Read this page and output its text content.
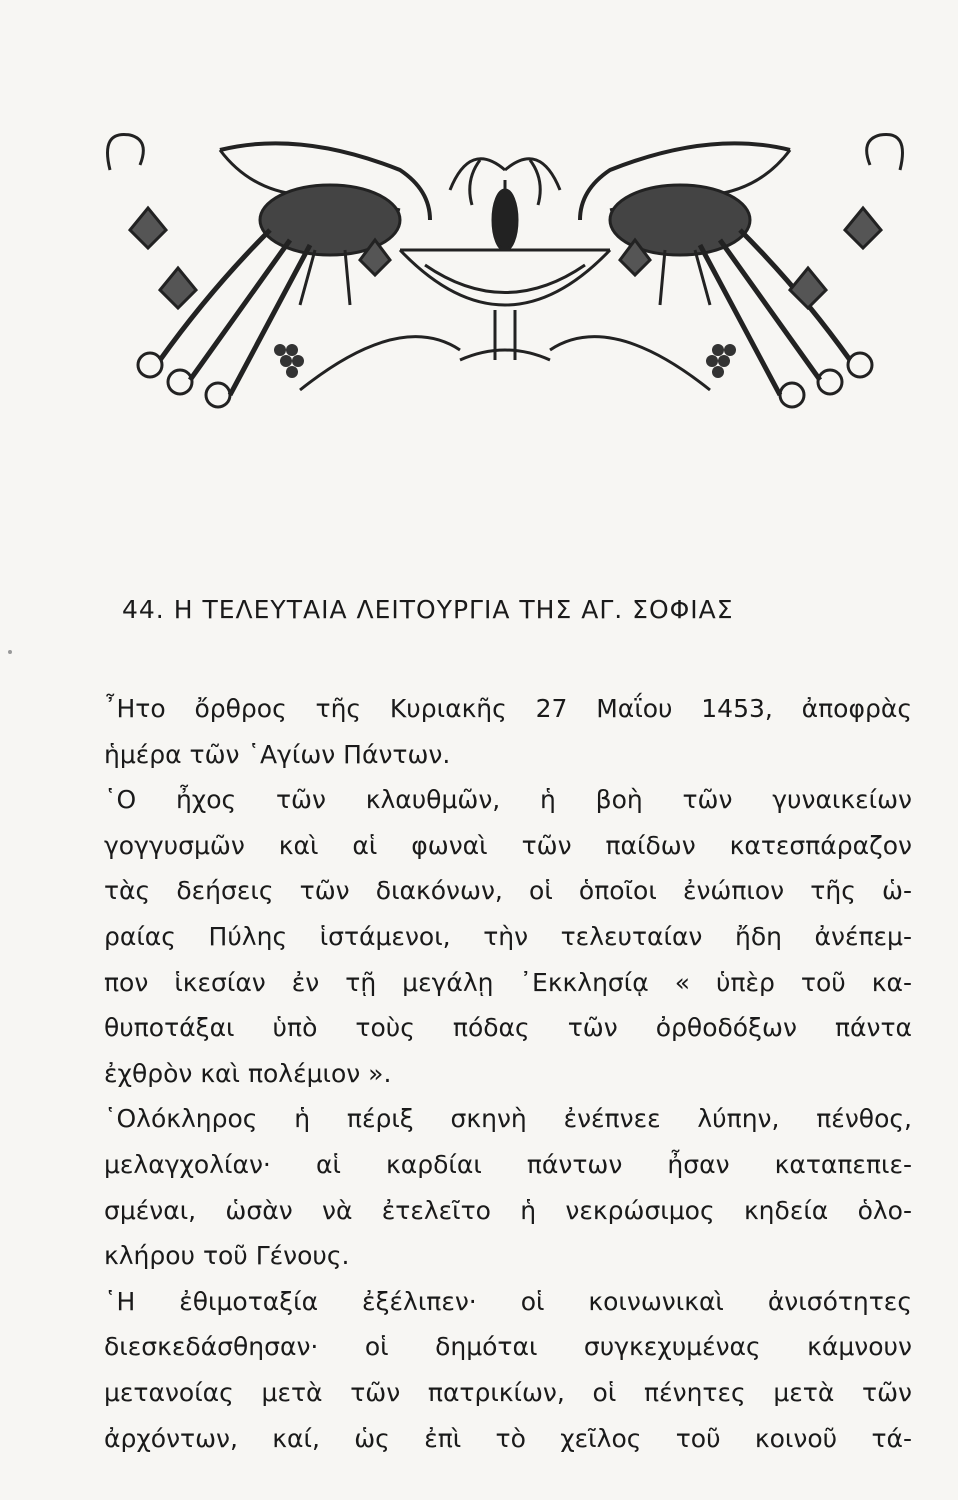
44. Η ΤΕΛΕΥΤΑΙΑ ΛΕΙΤΟΥΡΓΙΑ ΤΗΣ ΑΓ. ΣΟΦΙΑΣ
῏Ητο ὄρθρος τῆς Κυριακῆς 27 Μαΐου 1453, ἀποφρὰς
ἡμέρα τῶν ῾Αγίων Πάντων.
῾Ο ἦχος τῶν κλαυθμῶν, ἡ βοὴ τῶν γυναικείων
γογγυσμῶν καὶ αἱ φωναὶ τῶν παίδων κατεσπάραζον
τὰς δεήσεις τῶν διακόνων, οἱ ὁποῖοι ἐνώπιον τῆς ὡ-
ραίας Πύλης ἱστάμενοι, τὴν τελευταίαν ἤδη ἀνέπεμ-
πον ἱκεσίαν ἐν τῇ μεγάλῃ ᾿Εκκλησίᾳ « ὑπὲρ τοῦ κα-
θυποτάξαι ὑπὸ τοὺς πόδας τῶν ὀρθοδόξων πάντα
ἐχθρὸν καὶ πολέμιον ».
῾Ολόκληρος ἡ πέριξ σκηνὴ ἐνέπνεε λύπην, πένθος,
μελαγχολίαν· αἱ καρδίαι πάντων ἦσαν καταπεπιε-
σμέναι, ὡσὰν νὰ ἐτελεῖτο ἡ νεκρώσιμος κηδεία ὁλο-
κλήρου τοῦ Γένους.
῾Η ἐθιμοταξία ἐξέλιπεν· οἱ κοινωνικαὶ ἀνισότητες
διεσκεδάσθησαν· οἱ δημόται συγκεχυμένας κάμνουν
μετανοίας μετὰ τῶν πατρικίων, οἱ πένητες μετὰ τῶν
ἀρχόντων, καί, ὡς ἐπὶ τὸ χεῖλος τοῦ κοινοῦ τά-
